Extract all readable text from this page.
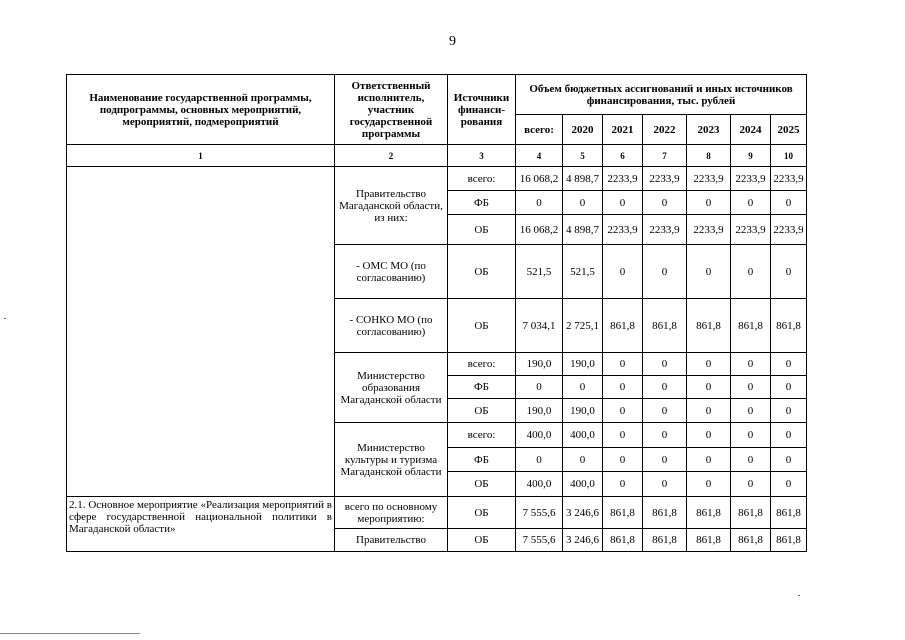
9
Наименование государственной программы, подпрограммы, основных мероприятий, мероприятий, подмероприятий	Ответственный исполнитель, участник государственной программы	Источники финанси-рования	Объем бюджетных ассигнований и иных источников финансирования, тыс. рублей						
			всего:	2020	2021	2022	2023	2024	2025
1	2	3	4	5	6	7	8	9	10
	Правительство Магаданской области, из них:	всего:	16 068,2	4 898,7	2233,9	2233,9	2233,9	2233,9	2233,9
		ФБ	0	0	0	0	0	0	0
		ОБ	16 068,2	4 898,7	2233,9	2233,9	2233,9	2233,9	2233,9
	- ОМС МО (по согласованию)	ОБ	521,5	521,5	0	0	0	0	0
	- СОНКО МО (по согласованию)	ОБ	7 034,1	2 725,1	861,8	861,8	861,8	861,8	861,8
	Министерство образования Магаданской области	всего:	190,0	190,0	0	0	0	0	0
		ФБ	0	0	0	0	0	0	0
		ОБ	190,0	190,0	0	0	0	0	0
	Министерство культуры и туризма Магаданской области	всего:	400,0	400,0	0	0	0	0	0
		ФБ	0	0	0	0	0	0	0
		ОБ	400,0	400,0	0	0	0	0	0
2.1. Основное мероприятие «Реализация мероприятий в сфере государственной национальной политики в Магаданской области»	всего по основному мероприятию:	ОБ	7 555,6	3 246,6	861,8	861,8	861,8	861,8	861,8
	Правительство	ОБ	7 555,6	3 246,6	861,8	861,8	861,8	861,8	861,8
